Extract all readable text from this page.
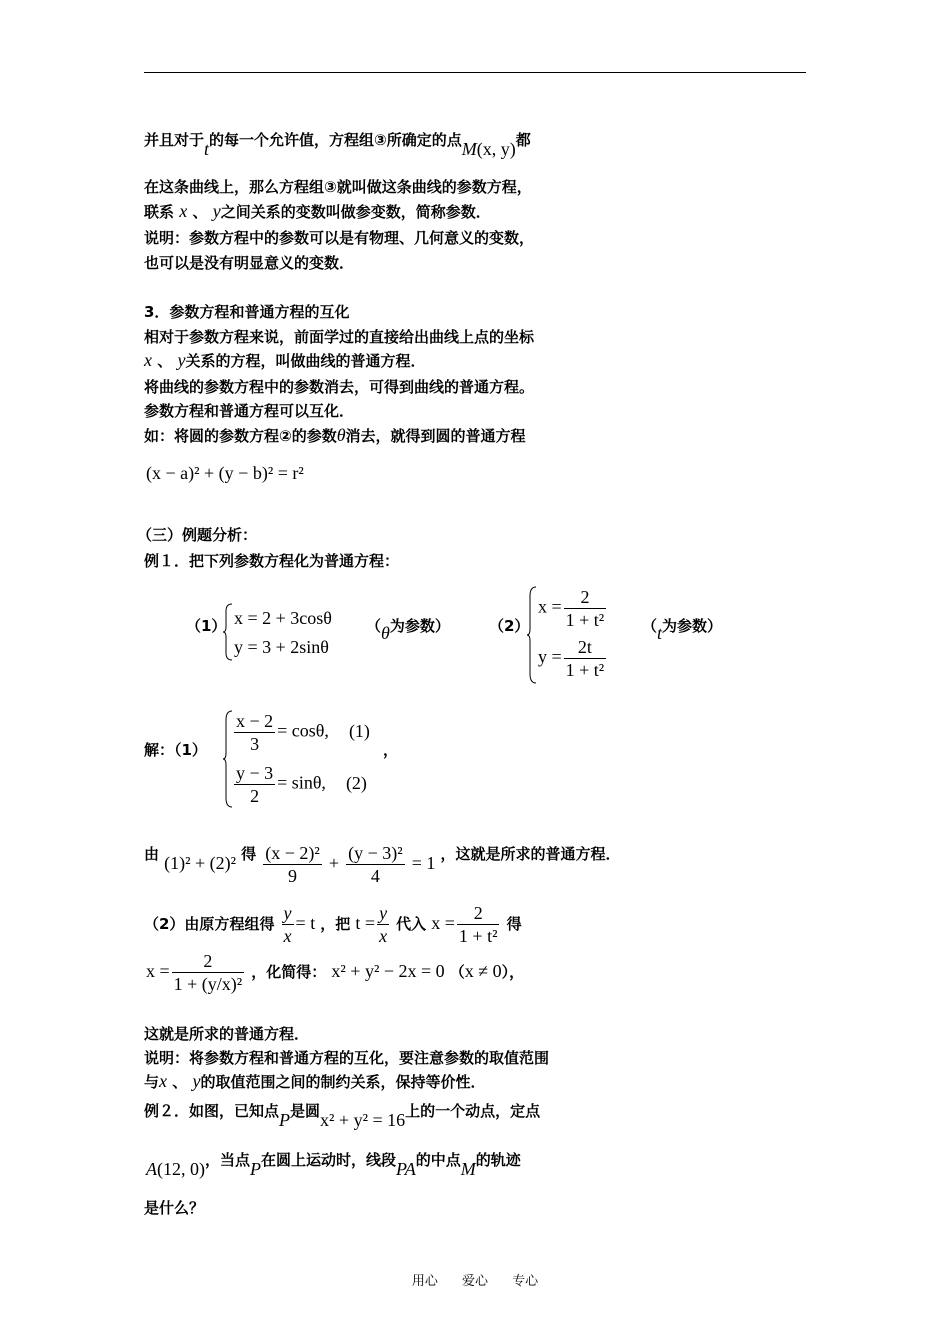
并且对于t的每一个允许值，方程组③所确定的点M(x, y)都
在这条曲线上，那么方程组③就叫做这条曲线的参数方程，
联系 x 、 y之间关系的变数叫做参变数，简称参数．
说明：参数方程中的参数可以是有物理、几何意义的变数，
也可以是没有明显意义的变数．
3．参数方程和普通方程的互化
相对于参数方程来说，前面学过的直接给出曲线上点的坐标
x 、 y关系的方程，叫做曲线的普通方程．
将曲线的参数方程中的参数消去，可得到曲线的普通方程。
参数方程和普通方程可以互化．
如：将圆的参数方程②的参数θ消去，就得到圆的普通方程
(x − a)² + (y − b)² = r²
（三）例题分析：
例１．把下列参数方程化为普通方程：
（1） x = 2 + 3cosθ
y = 3 + 2sinθ
（θ为参数）	（2）
$x = \frac{2}{\text{1 + t²}}$
$y = \frac{2t}{\text{1 + t²}}$
（t为参数）
解：$(1) \frac{x - 2}{3} = \cos\theta$, (1)
$\frac{y - 3}{2} = \sin\theta$, (2)
，
由 (1)² + (2)² 得 $\frac{\text{(x − 2)²}}{9} + \frac{\text{(y − 3)²}}{4} = 1$ ，这就是所求的普通方程．
（2）由原方程组得 $\frac{y}{x} = t$ ，把 $t = \frac{y}{x}$ 代入 $x = \frac{2}{\text{1 + t²}}$ 得
$x = \frac{2}{\text{1 + (y/x)²}}$ ，化简得： x² + y² − 2x = 0 （x ≠ 0），
这就是所求的普通方程．
说明：将参数方程和普通方程的互化，要注意参数的取值范围
与x 、 y的取值范围之间的制约关系，保持等价性．
例２．如图，已知点P是圆x² + y² = 16上的一个动点，定点
A(12, 0)，当点P在圆上运动时，线段PA的中点M的轨迹
是什么？
用心 爱心 专心
